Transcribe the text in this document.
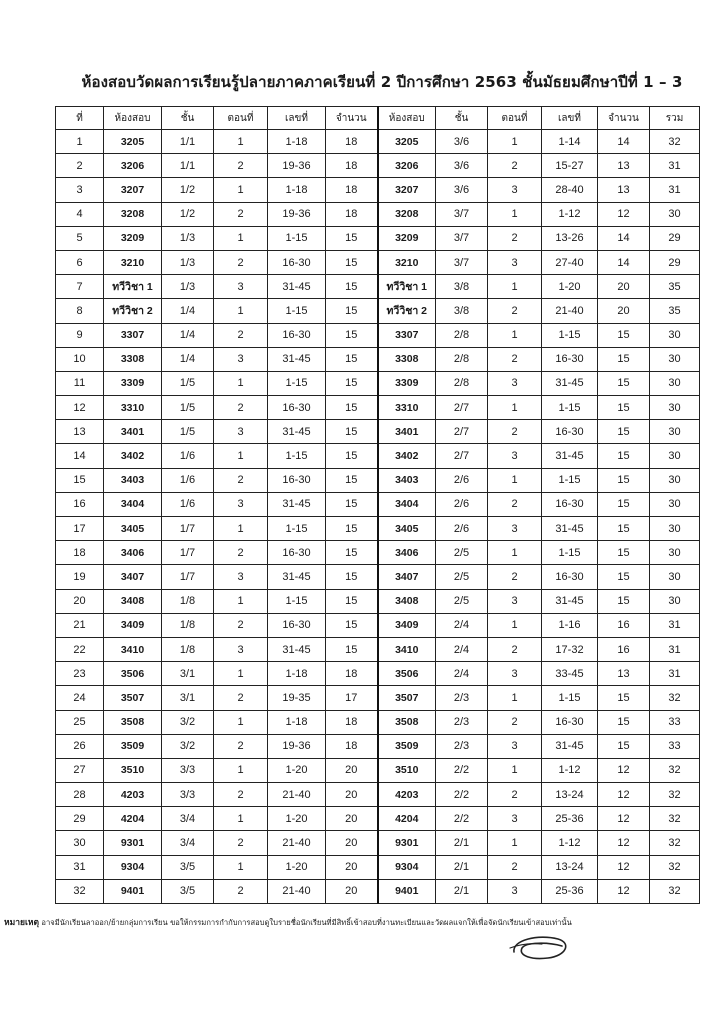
ห้องสอบวัดผลการเรียนรู้ปลายภาคภาคเรียนที่ 2 ปีการศึกษา 2563 ชั้นมัธยมศึกษาปีที่ 1 – 3
ที่	ห้องสอบ	ชั้น	ตอนที่	เลขที่	จำนวน	ห้องสอบ	ชั้น	ตอนที่	เลขที่	จำนวน	รวม
1	3205	1/1	1	1-18	18	3205	3/6	1	1-14	14	32
2	3206	1/1	2	19-36	18	3206	3/6	2	15-27	13	31
3	3207	1/2	1	1-18	18	3207	3/6	3	28-40	13	31
4	3208	1/2	2	19-36	18	3208	3/7	1	1-12	12	30
5	3209	1/3	1	1-15	15	3209	3/7	2	13-26	14	29
6	3210	1/3	2	16-30	15	3210	3/7	3	27-40	14	29
7	ทวีวิชา 1	1/3	3	31-45	15	ทวีวิชา 1	3/8	1	1-20	20	35
8	ทวีวิชา 2	1/4	1	1-15	15	ทวีวิชา 2	3/8	2	21-40	20	35
9	3307	1/4	2	16-30	15	3307	2/8	1	1-15	15	30
10	3308	1/4	3	31-45	15	3308	2/8	2	16-30	15	30
11	3309	1/5	1	1-15	15	3309	2/8	3	31-45	15	30
12	3310	1/5	2	16-30	15	3310	2/7	1	1-15	15	30
13	3401	1/5	3	31-45	15	3401	2/7	2	16-30	15	30
14	3402	1/6	1	1-15	15	3402	2/7	3	31-45	15	30
15	3403	1/6	2	16-30	15	3403	2/6	1	1-15	15	30
16	3404	1/6	3	31-45	15	3404	2/6	2	16-30	15	30
17	3405	1/7	1	1-15	15	3405	2/6	3	31-45	15	30
18	3406	1/7	2	16-30	15	3406	2/5	1	1-15	15	30
19	3407	1/7	3	31-45	15	3407	2/5	2	16-30	15	30
20	3408	1/8	1	1-15	15	3408	2/5	3	31-45	15	30
21	3409	1/8	2	16-30	15	3409	2/4	1	1-16	16	31
22	3410	1/8	3	31-45	15	3410	2/4	2	17-32	16	31
23	3506	3/1	1	1-18	18	3506	2/4	3	33-45	13	31
24	3507	3/1	2	19-35	17	3507	2/3	1	1-15	15	32
25	3508	3/2	1	1-18	18	3508	2/3	2	16-30	15	33
26	3509	3/2	2	19-36	18	3509	2/3	3	31-45	15	33
27	3510	3/3	1	1-20	20	3510	2/2	1	1-12	12	32
28	4203	3/3	2	21-40	20	4203	2/2	2	13-24	12	32
29	4204	3/4	1	1-20	20	4204	2/2	3	25-36	12	32
30	9301	3/4	2	21-40	20	9301	2/1	1	1-12	12	32
31	9304	3/5	1	1-20	20	9304	2/1	2	13-24	12	32
32	9401	3/5	2	21-40	20	9401	2/1	3	25-36	12	32
หมายเหตุ อาจมีนักเรียนลาออก/ย้ายกลุ่มการเรียน ขอให้กรรมการกำกับการสอบดูใบรายชื่อนักเรียนที่มีสิทธิ์เข้าสอบที่งานทะเบียนและวัดผลแจกให้เพื่อจัดนักเรียนเข้าสอบเท่านั้น
